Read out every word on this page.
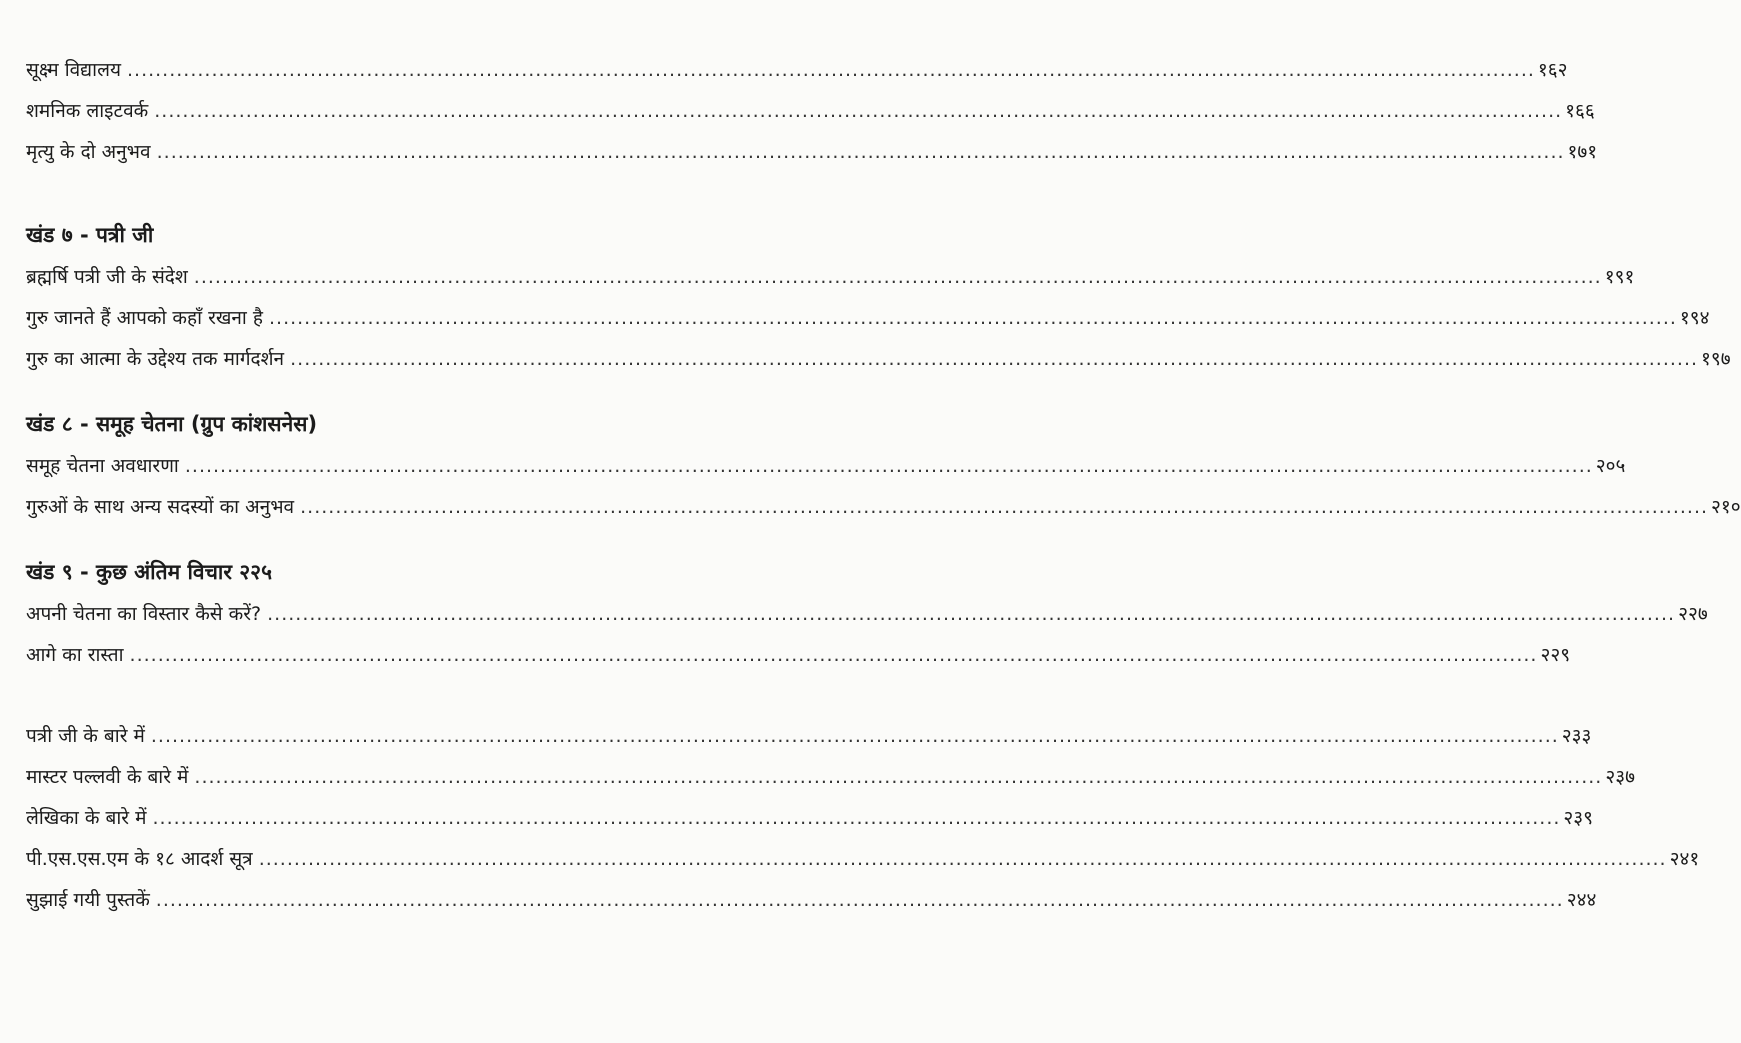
सूक्ष्म विद्यालय ........................................................................................................................................................................................................ १६२
शमनिक लाइटवर्क ........................................................................................................................................................................................................ १६६
मृत्यु के दो अनुभव ........................................................................................................................................................................................................ १७१
खंड ७ - पत्री जी
ब्रह्मर्षि पत्री जी के संदेश ........................................................................................................................................................................................................ १९१
गुरु जानते हैं आपको कहाँ रखना है ........................................................................................................................................................................................................ १९४
गुरु का आत्मा के उद्देश्य तक मार्गदर्शन ........................................................................................................................................................................................................ १९७
खंड ८ - समूह चेतना (ग्रुप कांशसनेस)
समूह चेतना अवधारणा ........................................................................................................................................................................................................ २०५
गुरुओं के साथ अन्य सदस्यों का अनुभव ........................................................................................................................................................................................................ २१०
खंड ९ - कुछ अंतिम विचार २२५
अपनी चेतना का विस्तार कैसे करें? ........................................................................................................................................................................................................ २२७
आगे का रास्ता ........................................................................................................................................................................................................ २२९
पत्री जी के बारे में ........................................................................................................................................................................................................ २३३
मास्टर पल्लवी के बारे में ........................................................................................................................................................................................................ २३७
लेखिका के बारे में ........................................................................................................................................................................................................ २३९
पी.एस.एस.एम के १८ आदर्श सूत्र ........................................................................................................................................................................................................ २४१
सुझाई गयी पुस्तकें ........................................................................................................................................................................................................ २४४
